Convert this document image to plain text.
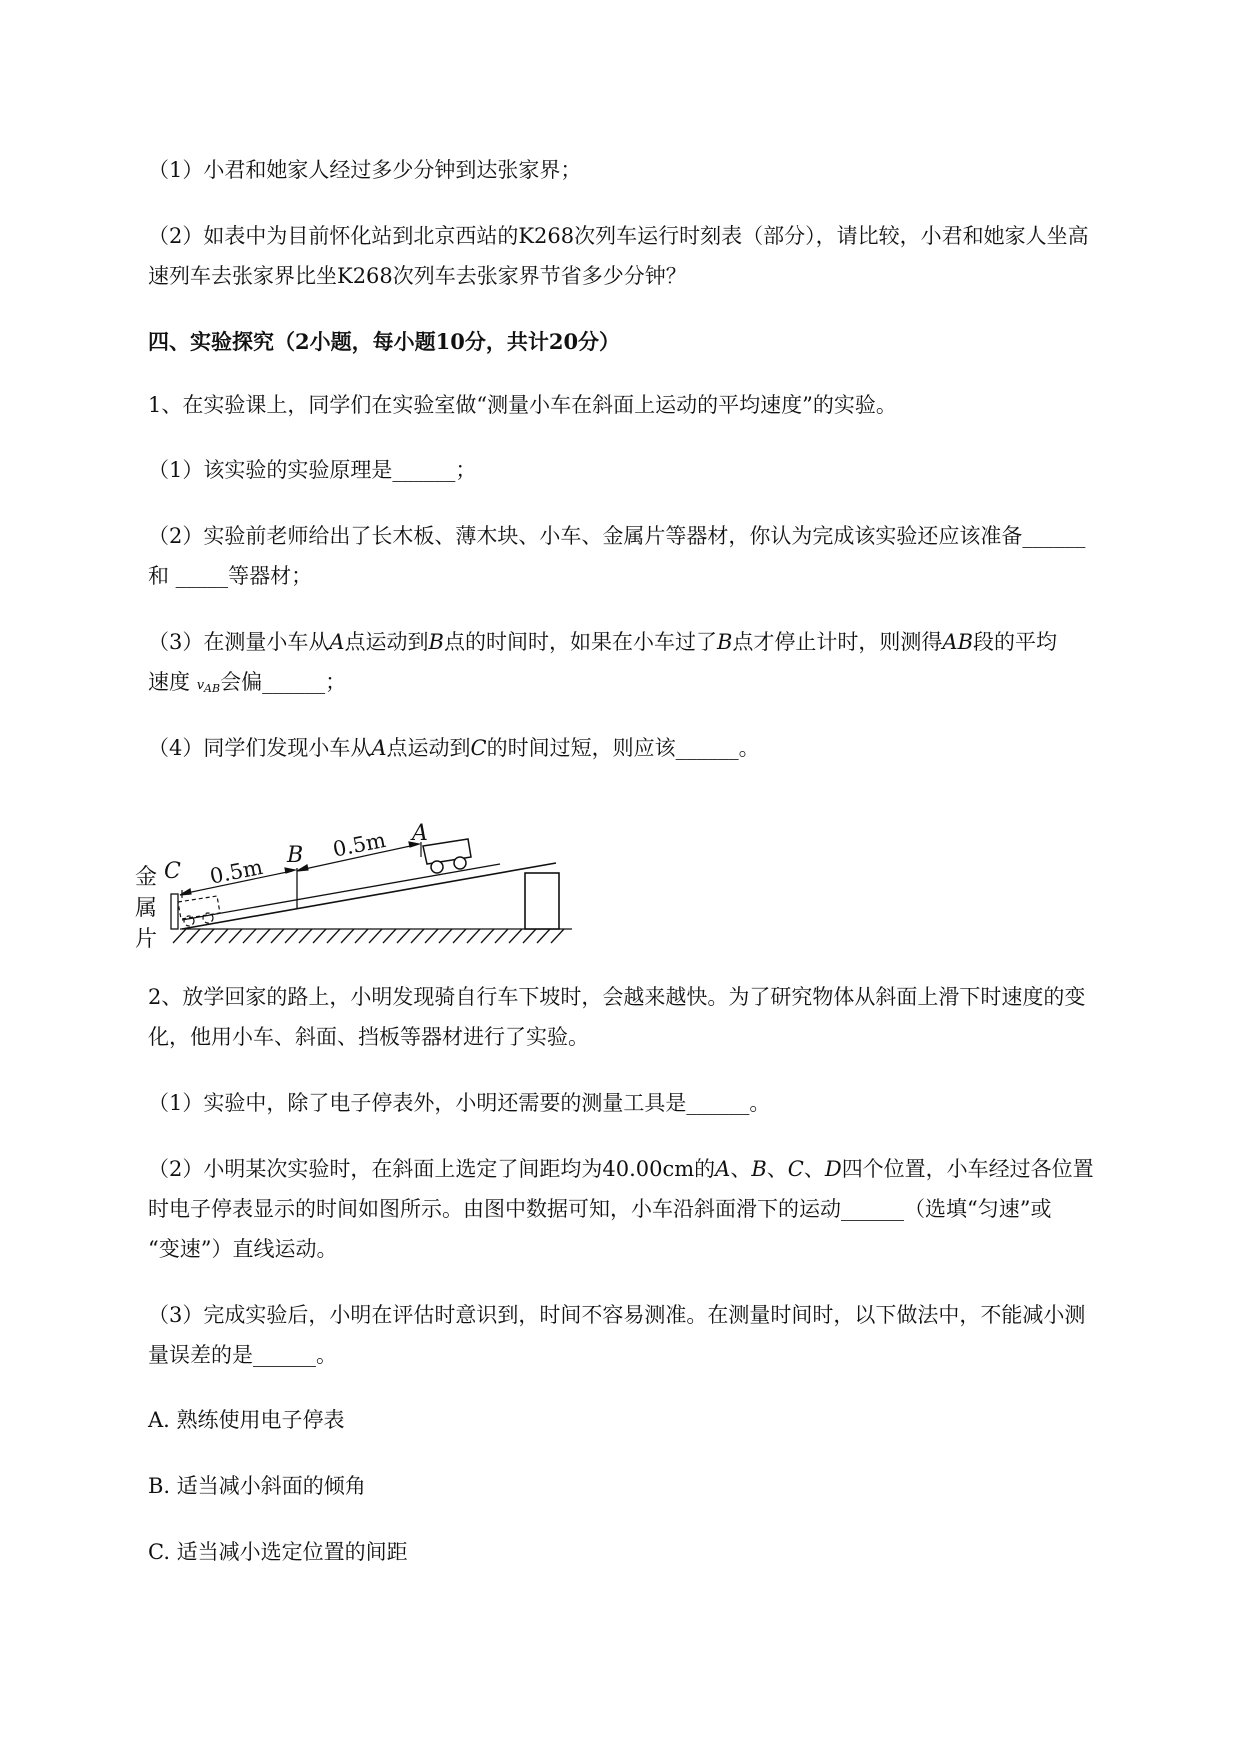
（1）小君和她家人经过多少分钟到达张家界；
（2）如表中为目前怀化站到北京西站的K268次列车运行时刻表（部分），请比较，小君和她家人坐高
速列车去张家界比坐K268次列车去张家界节省多少分钟？
四、实验探究（2小题，每小题10分，共计20分）
1、在实验课上，同学们在实验室做“测量小车在斜面上运动的平均速度”的实验。
（1）该实验的实验原理是______；
（2）实验前老师给出了长木板、薄木块、小车、金属片等器材，你认为完成该实验还应该准备______
和 _____等器材；
（3）在测量小车从A点运动到B点的时间时，如果在小车过了B点才停止计时，则测得AB段的平均
速度 $v_{AB}$会偏______；
（4）同学们发现小车从A点运动到C的时间过短，则应该______。
C
B
A
0.5m
0.5m
金
属
片
2、放学回家的路上，小明发现骑自行车下坡时，会越来越快。为了研究物体从斜面上滑下时速度的变
化，他用小车、斜面、挡板等器材进行了实验。
（1）实验中，除了电子停表外，小明还需要的测量工具是______。
（2）小明某次实验时，在斜面上选定了间距均为40.00cm的A、B、C、D四个位置，小车经过各位置
时电子停表显示的时间如图所示。由图中数据可知，小车沿斜面滑下的运动______（选填“匀速”或
“变速”）直线运动。
（3）完成实验后，小明在评估时意识到，时间不容易测准。在测量时间时，以下做法中，不能减小测
量误差的是______。
A. 熟练使用电子停表
B. 适当减小斜面的倾角
C. 适当减小选定位置的间距
